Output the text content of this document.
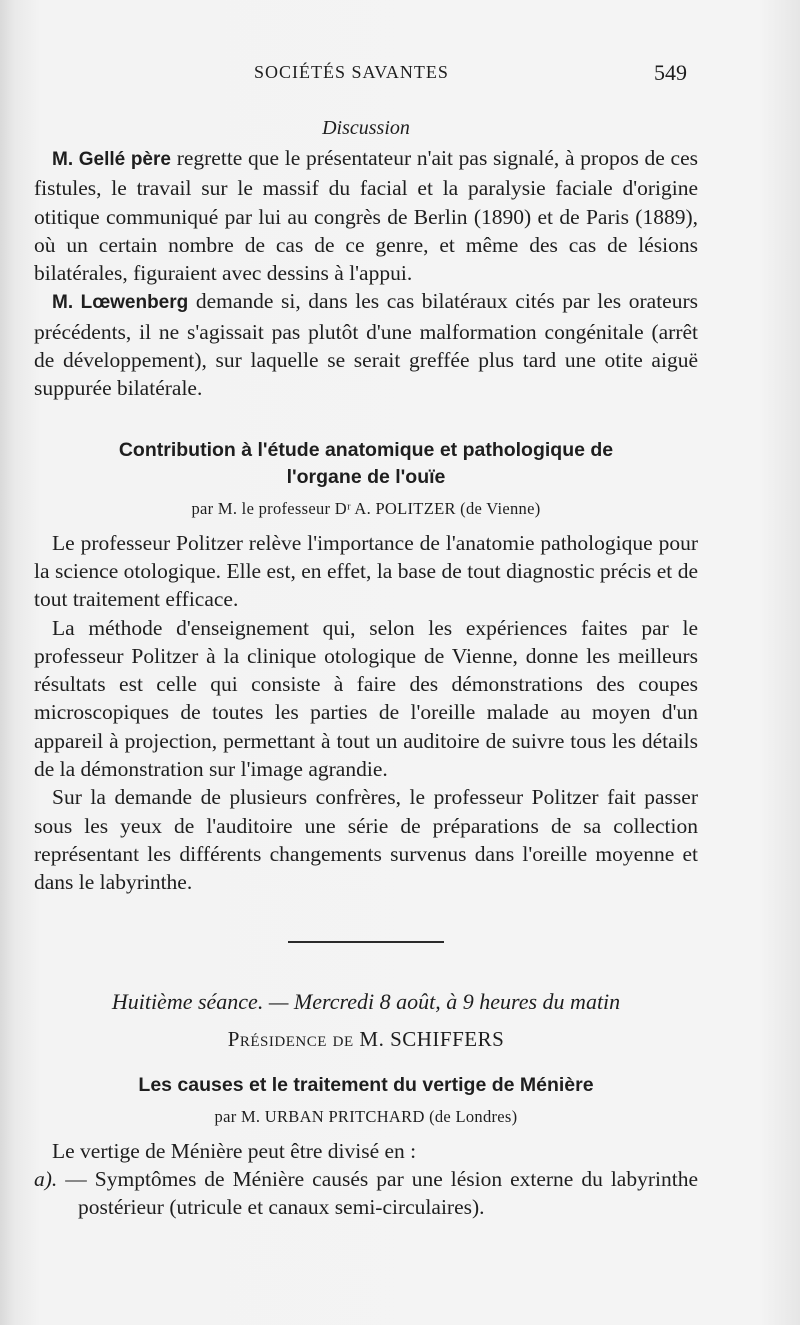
SOCIÉTÉS SAVANTES	549
Discussion

M. Gellé père regrette que le présentateur n'ait pas signalé, à propos de ces fistules, le travail sur le massif du facial et la paralysie faciale d'origine otitique communiqué par lui au congrès de Berlin (1890) et de Paris (1889), où un certain nombre de cas de ce genre, et même des cas de lésions bilatérales, figuraient avec dessins à l'appui.

M. Lœwenberg demande si, dans les cas bilatéraux cités par les orateurs précédents, il ne s'agissait pas plutôt d'une malformation congénitale (arrêt de développement), sur laquelle se serait greffée plus tard une otite aiguë suppurée bilatérale.

Contribution à l'étude anatomique et pathologique de
l'organe de l'ouïe
par M. le professeur Dʳ A. POLITZER (de Vienne)

Le professeur Politzer relève l'importance de l'anatomie pathologique pour la science otologique. Elle est, en effet, la base de tout diagnostic précis et de tout traitement efficace.

La méthode d'enseignement qui, selon les expériences faites par le professeur Politzer à la clinique otologique de Vienne, donne les meilleurs résultats est celle qui consiste à faire des démonstrations des coupes microscopiques de toutes les parties de l'oreille malade au moyen d'un appareil à projection, permettant à tout un auditoire de suivre tous les détails de la démonstration sur l'image agrandie.

Sur la demande de plusieurs confrères, le professeur Politzer fait passer sous les yeux de l'auditoire une série de préparations de sa collection représentant les différents changements survenus dans l'oreille moyenne et dans le labyrinthe.

Huitième séance. — Mercredi 8 août, à 9 heures du matin
Présidence de M. SCHIFFERS
Les causes et le traitement du vertige de Ménière
par M. URBAN PRITCHARD (de Londres)

Le vertige de Ménière peut être divisé en :

a). — Symptômes de Ménière causés par une lésion externe du labyrinthe postérieur (utricule et canaux semi-circulaires).
